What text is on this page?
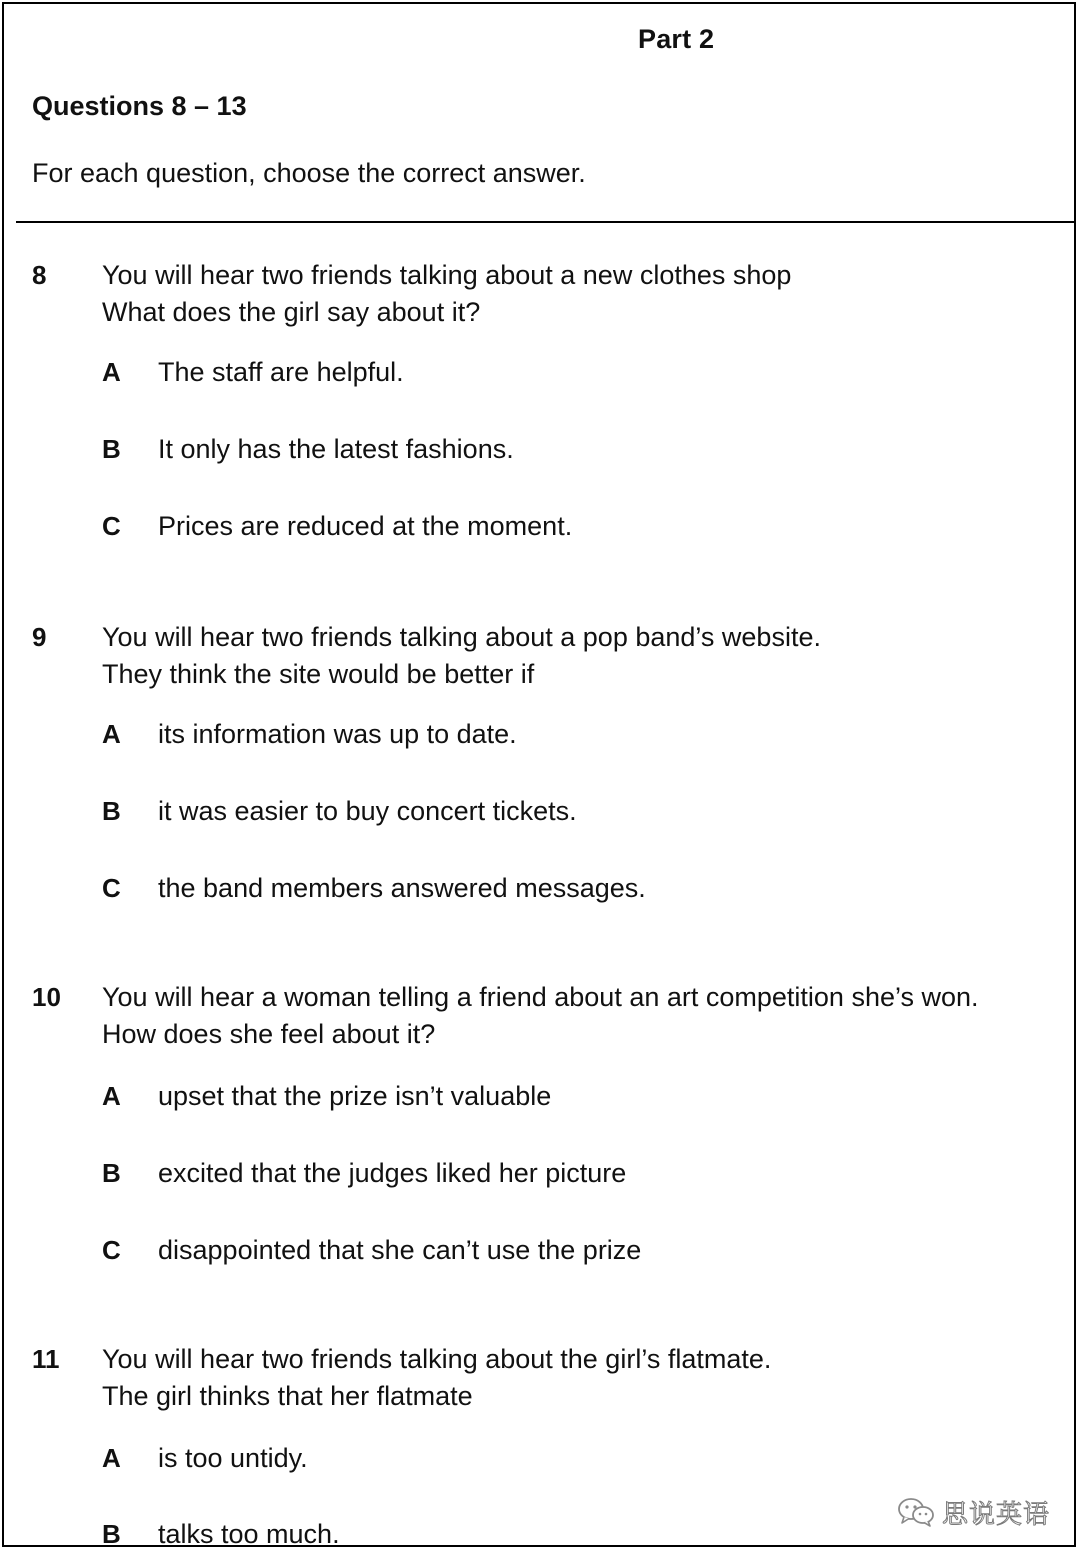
Part 2
Questions 8 – 13
For each question, choose the correct answer.
8 You will hear two friends talking about a new clothes shop
What does the girl say about it?
A The staff are helpful.
B It only has the latest fashions.
C Prices are reduced at the moment.
9 You will hear two friends talking about a pop band’s website.
They think the site would be better if
A its information was up to date.
B it was easier to buy concert tickets.
C the band members answered messages.
10 You will hear a woman telling a friend about an art competition she’s won.
How does she feel about it?
A upset that the prize isn’t valuable
B excited that the judges liked her picture
C disappointed that she can’t use the prize
11 You will hear two friends talking about the girl’s flatmate.
The girl thinks that her flatmate
A is too untidy.
B talks too much.
思说英语
